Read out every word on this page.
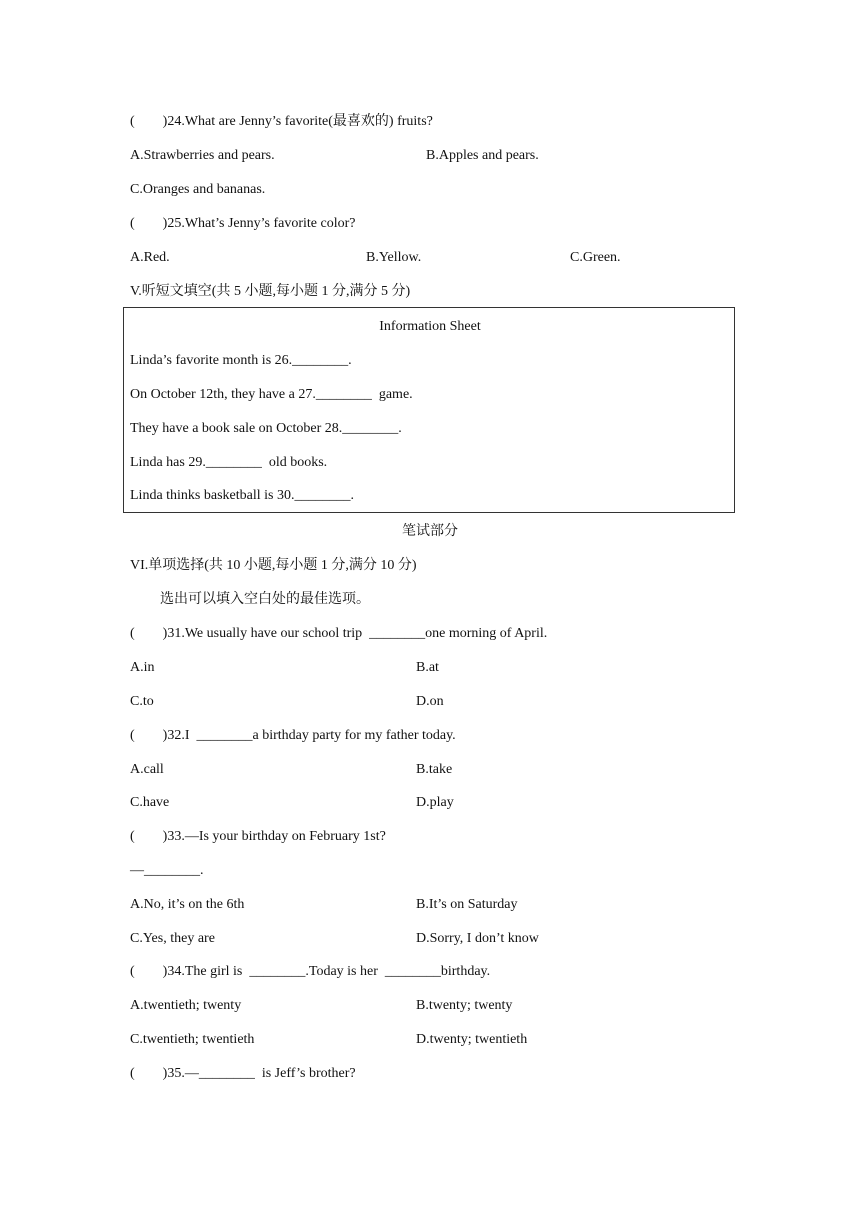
(        )24.What are Jenny’s favorite(最喜欢的) fruits?
A.Strawberries and pears.	B.Apples and pears.
C.Oranges and bananas.
(        )25.What’s Jenny’s favorite color?
A.Red.	B.Yellow.	C.Green.
V.听短文填空(共 5 小题,每小题 1 分,满分 5 分)
Information Sheet
Linda’s favorite month is 26.________.
On October 12th, they have a 27.________  game.
They have a book sale on October 28.________.
Linda has 29.________  old books.
Linda thinks basketball is 30.________.
笔试部分
VI.单项选择(共 10 小题,每小题 1 分,满分 10 分)
选出可以填入空白处的最佳选项。
(        )31.We usually have our school trip  ________one morning of April.
A.in	B.at
C.to	D.on
(        )32.I  ________a birthday party for my father today.
A.call	B.take
C.have	D.play
(        )33.—Is your birthday on February 1st?
—________.
A.No, it’s on the 6th	B.It’s on Saturday
C.Yes, they are	D.Sorry, I don’t know
(        )34.The girl is  ________.Today is her  ________birthday.
A.twentieth; twenty	B.twenty; twenty
C.twentieth; twentieth	D.twenty; twentieth
(        )35.—________  is Jeff’s brother?
